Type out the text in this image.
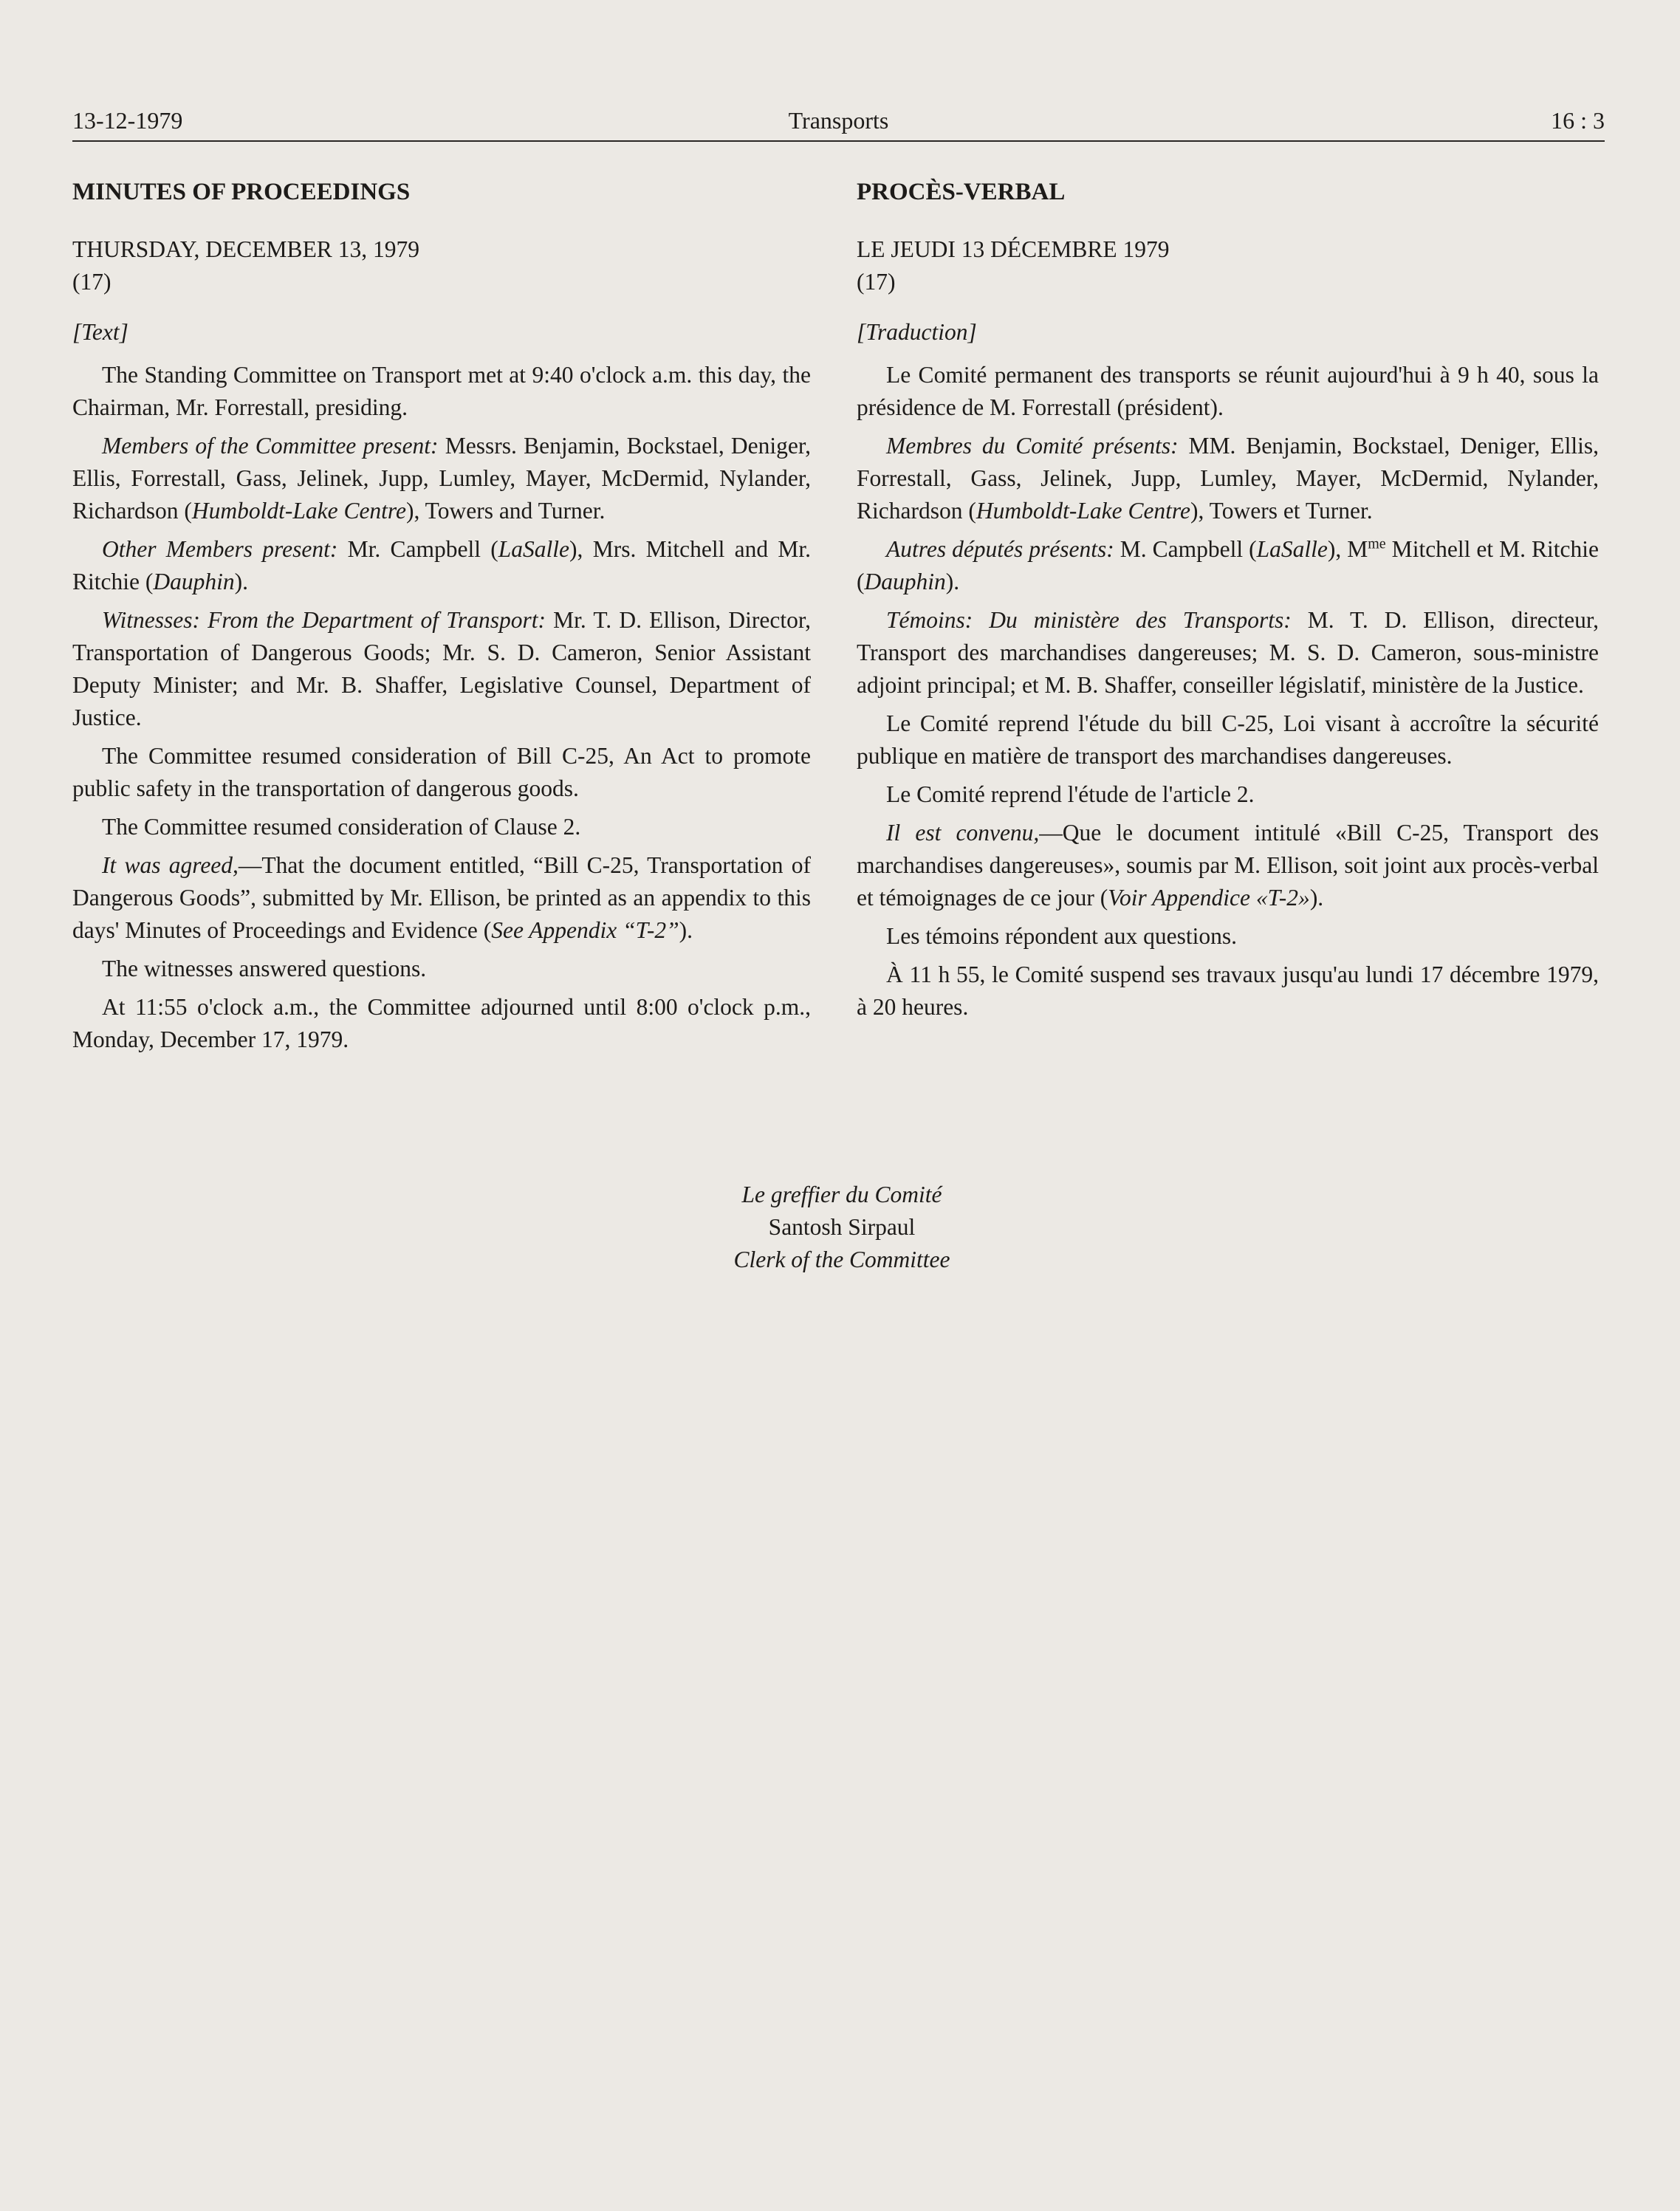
13-12-1979	Transports	16 : 3

MINUTES OF PROCEEDINGS

THURSDAY, DECEMBER 13, 1979

(17)

[Text]

The Standing Committee on Transport met at 9:40 o'clock a.m. this day, the Chairman, Mr. Forrestall, presiding.

Members of the Committee present: Messrs. Benjamin, Bockstael, Deniger, Ellis, Forrestall, Gass, Jelinek, Jupp, Lumley, Mayer, McDermid, Nylander, Richardson (Humboldt-Lake Centre), Towers and Turner.

Other Members present: Mr. Campbell (LaSalle), Mrs. Mitchell and Mr. Ritchie (Dauphin).

Witnesses: From the Department of Transport: Mr. T. D. Ellison, Director, Transportation of Dangerous Goods; Mr. S. D. Cameron, Senior Assistant Deputy Minister; and Mr. B. Shaffer, Legislative Counsel, Department of Justice.

The Committee resumed consideration of Bill C-25, An Act to promote public safety in the transportation of dangerous goods.

The Committee resumed consideration of Clause 2.

It was agreed,—That the document entitled, “Bill C-25, Transportation of Dangerous Goods”, submitted by Mr. Ellison, be printed as an appendix to this days' Minutes of Proceedings and Evidence (See Appendix “T-2”).

The witnesses answered questions.

At 11:55 o'clock a.m., the Committee adjourned until 8:00 o'clock p.m., Monday, December 17, 1979.

PROCÈS-VERBAL

LE JEUDI 13 DÉCEMBRE 1979

(17)

[Traduction]

Le Comité permanent des transports se réunit aujourd'hui à 9 h 40, sous la présidence de M. Forrestall (président).

Membres du Comité présents: MM. Benjamin, Bockstael, Deniger, Ellis, Forrestall, Gass, Jelinek, Jupp, Lumley, Mayer, McDermid, Nylander, Richardson (Humboldt-Lake Centre), Towers et Turner.

Autres députés présents: M. Campbell (LaSalle), $M^{me}$ Mitchell et M. Ritchie (Dauphin).

Témoins: Du ministère des Transports: M. T. D. Ellison, directeur, Transport des marchandises dangereuses; M. S. D. Cameron, sous-ministre adjoint principal; et M. B. Shaffer, conseiller législatif, ministère de la Justice.

Le Comité reprend l'étude du bill C-25, Loi visant à accroître la sécurité publique en matière de transport des marchandises dangereuses.

Le Comité reprend l'étude de l'article 2.

Il est convenu,—Que le document intitulé «Bill C-25, Transport des marchandises dangereuses», soumis par M. Ellison, soit joint aux procès-verbal et témoignages de ce jour (Voir Appendice «T-2»).

Les témoins répondent aux questions.

À 11 h 55, le Comité suspend ses travaux jusqu'au lundi 17 décembre 1979, à 20 heures.

Le greffier du Comité
Santosh Sirpaul
Clerk of the Committee
